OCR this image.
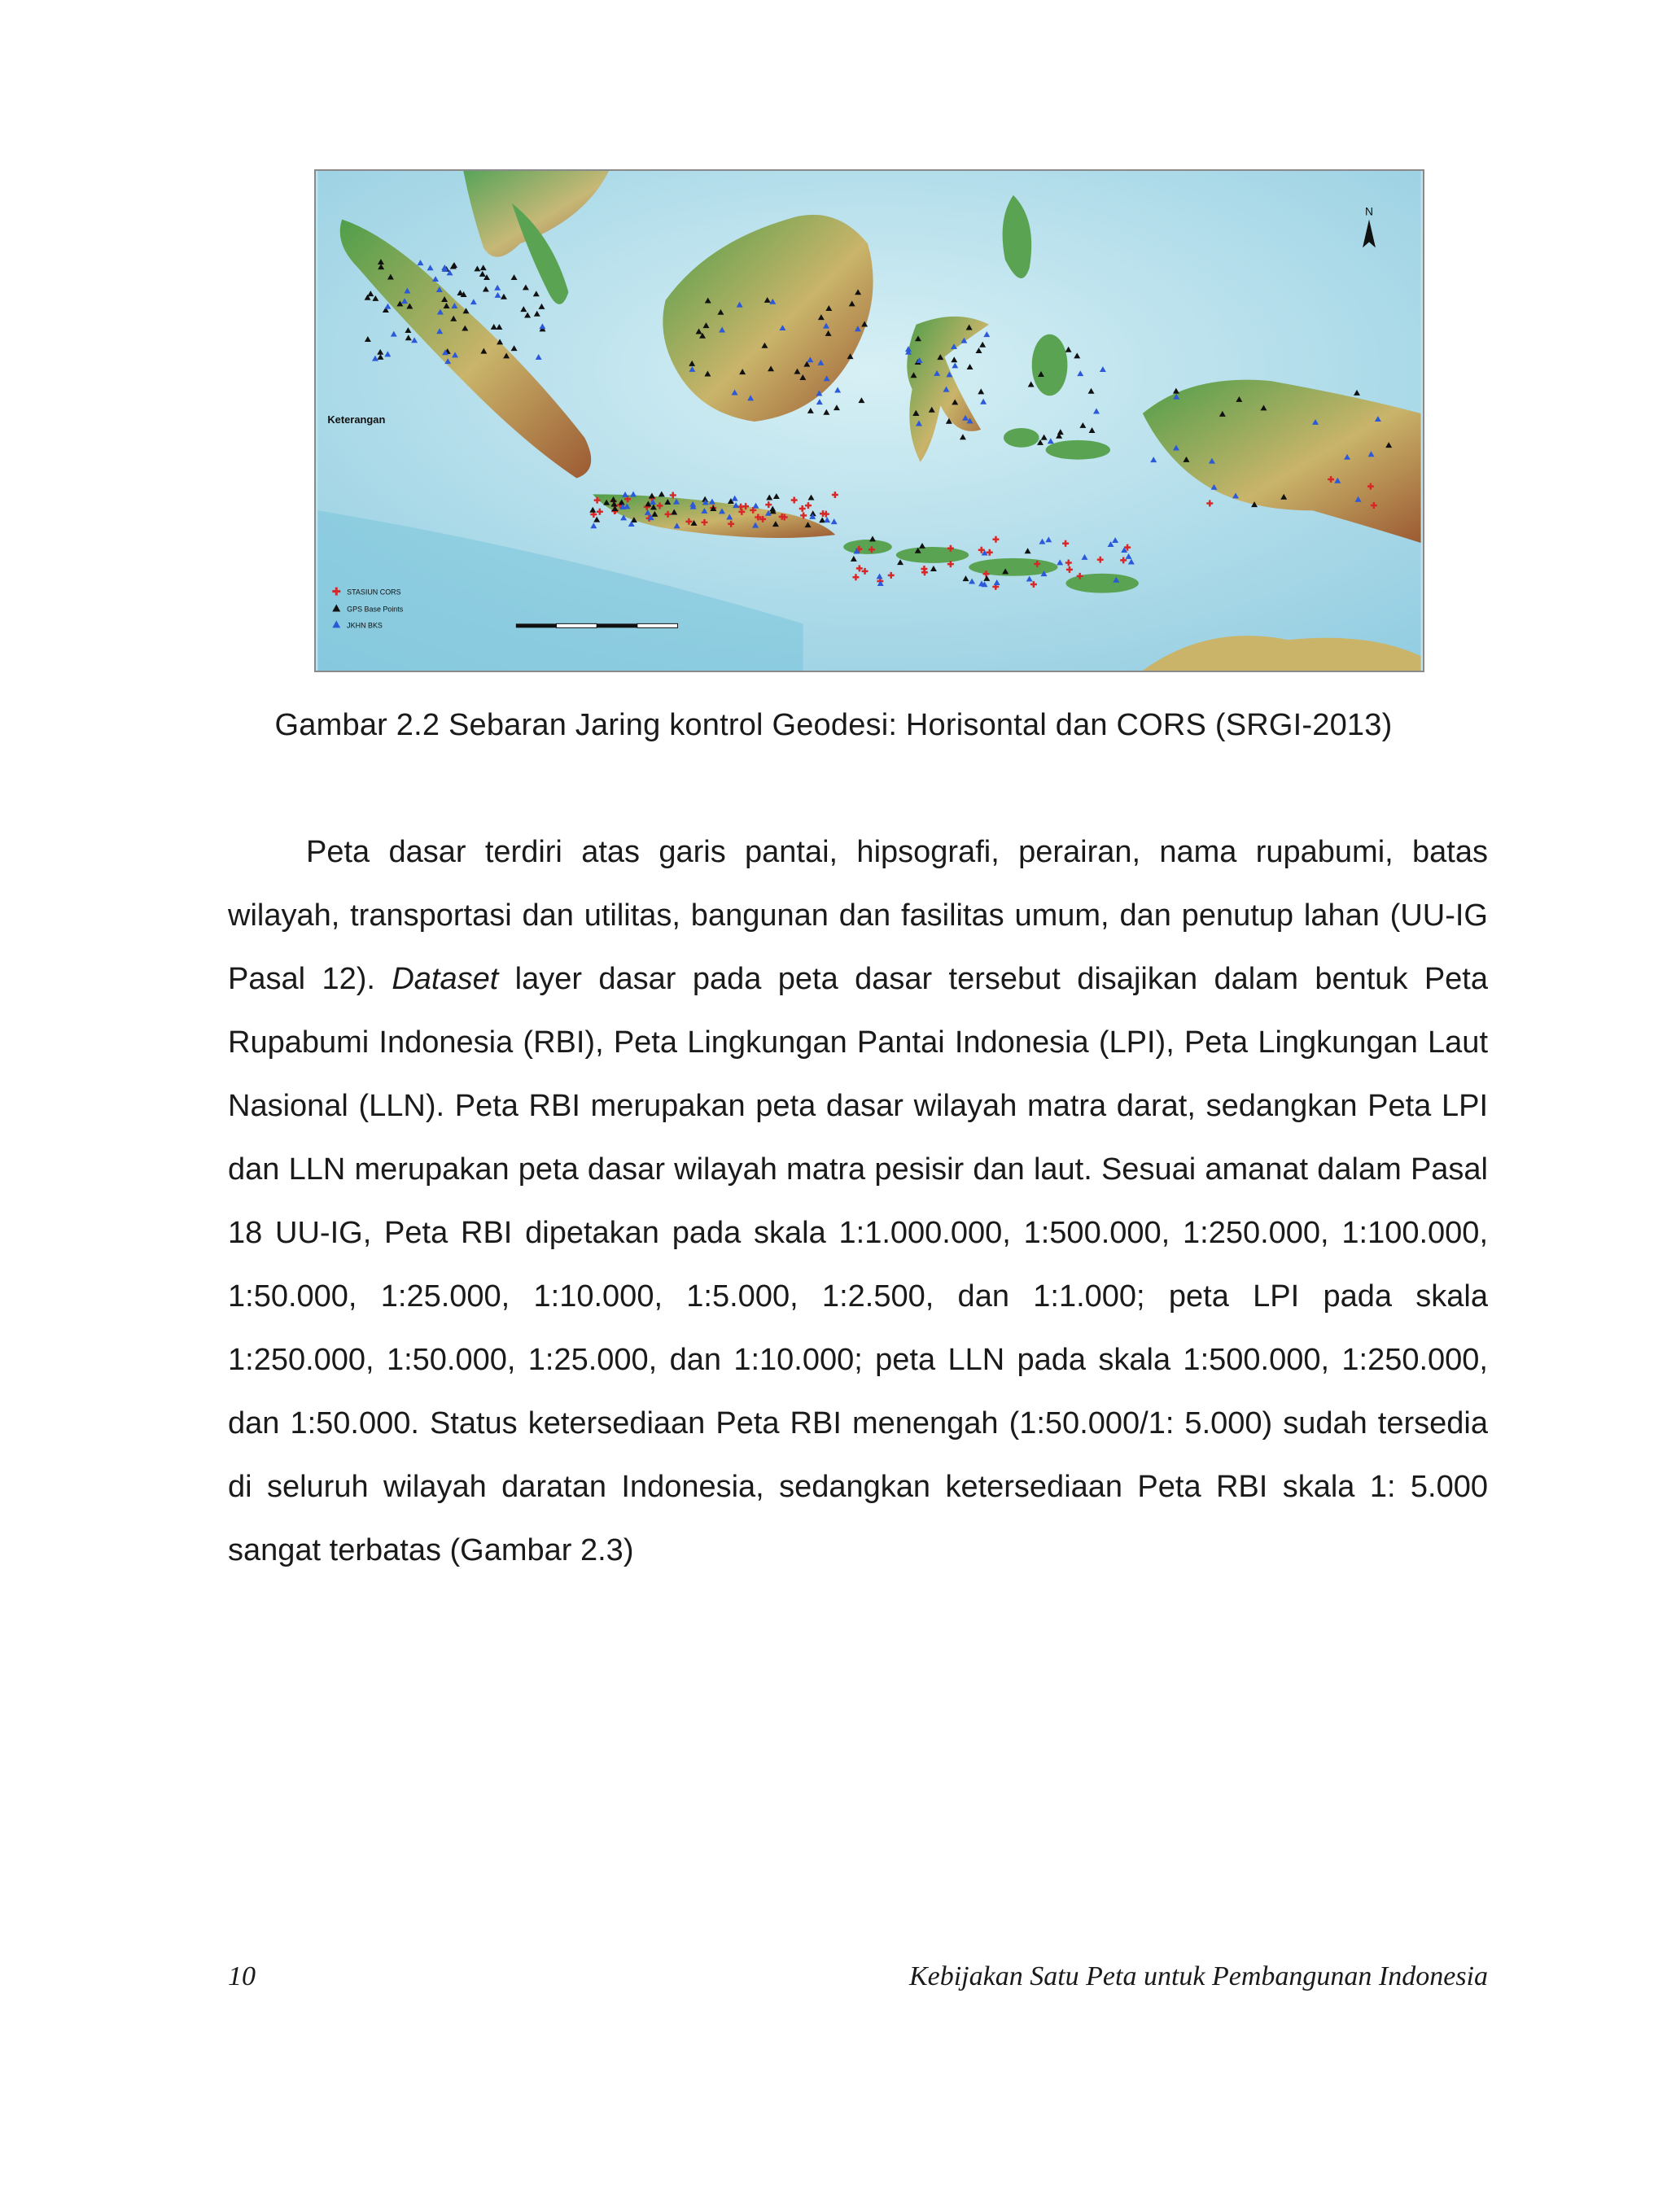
N
Keterangan
STASIUN CORS
GPS Base Points
JKHN BKS
Gambar 2.2 Sebaran Jaring kontrol Geodesi: Horisontal dan CORS (SRGI-2013)

Peta dasar terdiri atas garis pantai, hipsografi, perairan, nama rupabumi, batas wilayah, transportasi dan utilitas, bangunan dan fasilitas umum, dan penutup lahan (UU-IG Pasal 12). Dataset layer dasar pada peta dasar tersebut disajikan dalam bentuk Peta Rupabumi Indonesia (RBI), Peta Lingkungan Pantai Indonesia (LPI), Peta Lingkungan Laut Nasional (LLN). Peta RBI merupakan peta dasar wilayah matra darat, sedangkan Peta LPI dan LLN merupakan peta dasar wilayah matra pesisir dan laut. Sesuai amanat dalam Pasal 18 UU-IG, Peta RBI dipetakan pada skala 1:1.000.000, 1:500.000, 1:250.000, 1:100.000, 1:50.000, 1:25.000, 1:10.000, 1:5.000, 1:2.500, dan 1:1.000; peta LPI pada skala 1:250.000, 1:50.000, 1:25.000, dan 1:10.000; peta LLN pada skala 1:500.000, 1:250.000, dan 1:50.000. Status ketersediaan Peta RBI menengah (1:50.000/1: 5.000) sudah tersedia di seluruh wilayah daratan Indonesia, sedangkan ketersediaan Peta RBI skala 1: 5.000 sangat terbatas (Gambar 2.3)

10	Kebijakan Satu Peta untuk Pembangunan Indonesia
